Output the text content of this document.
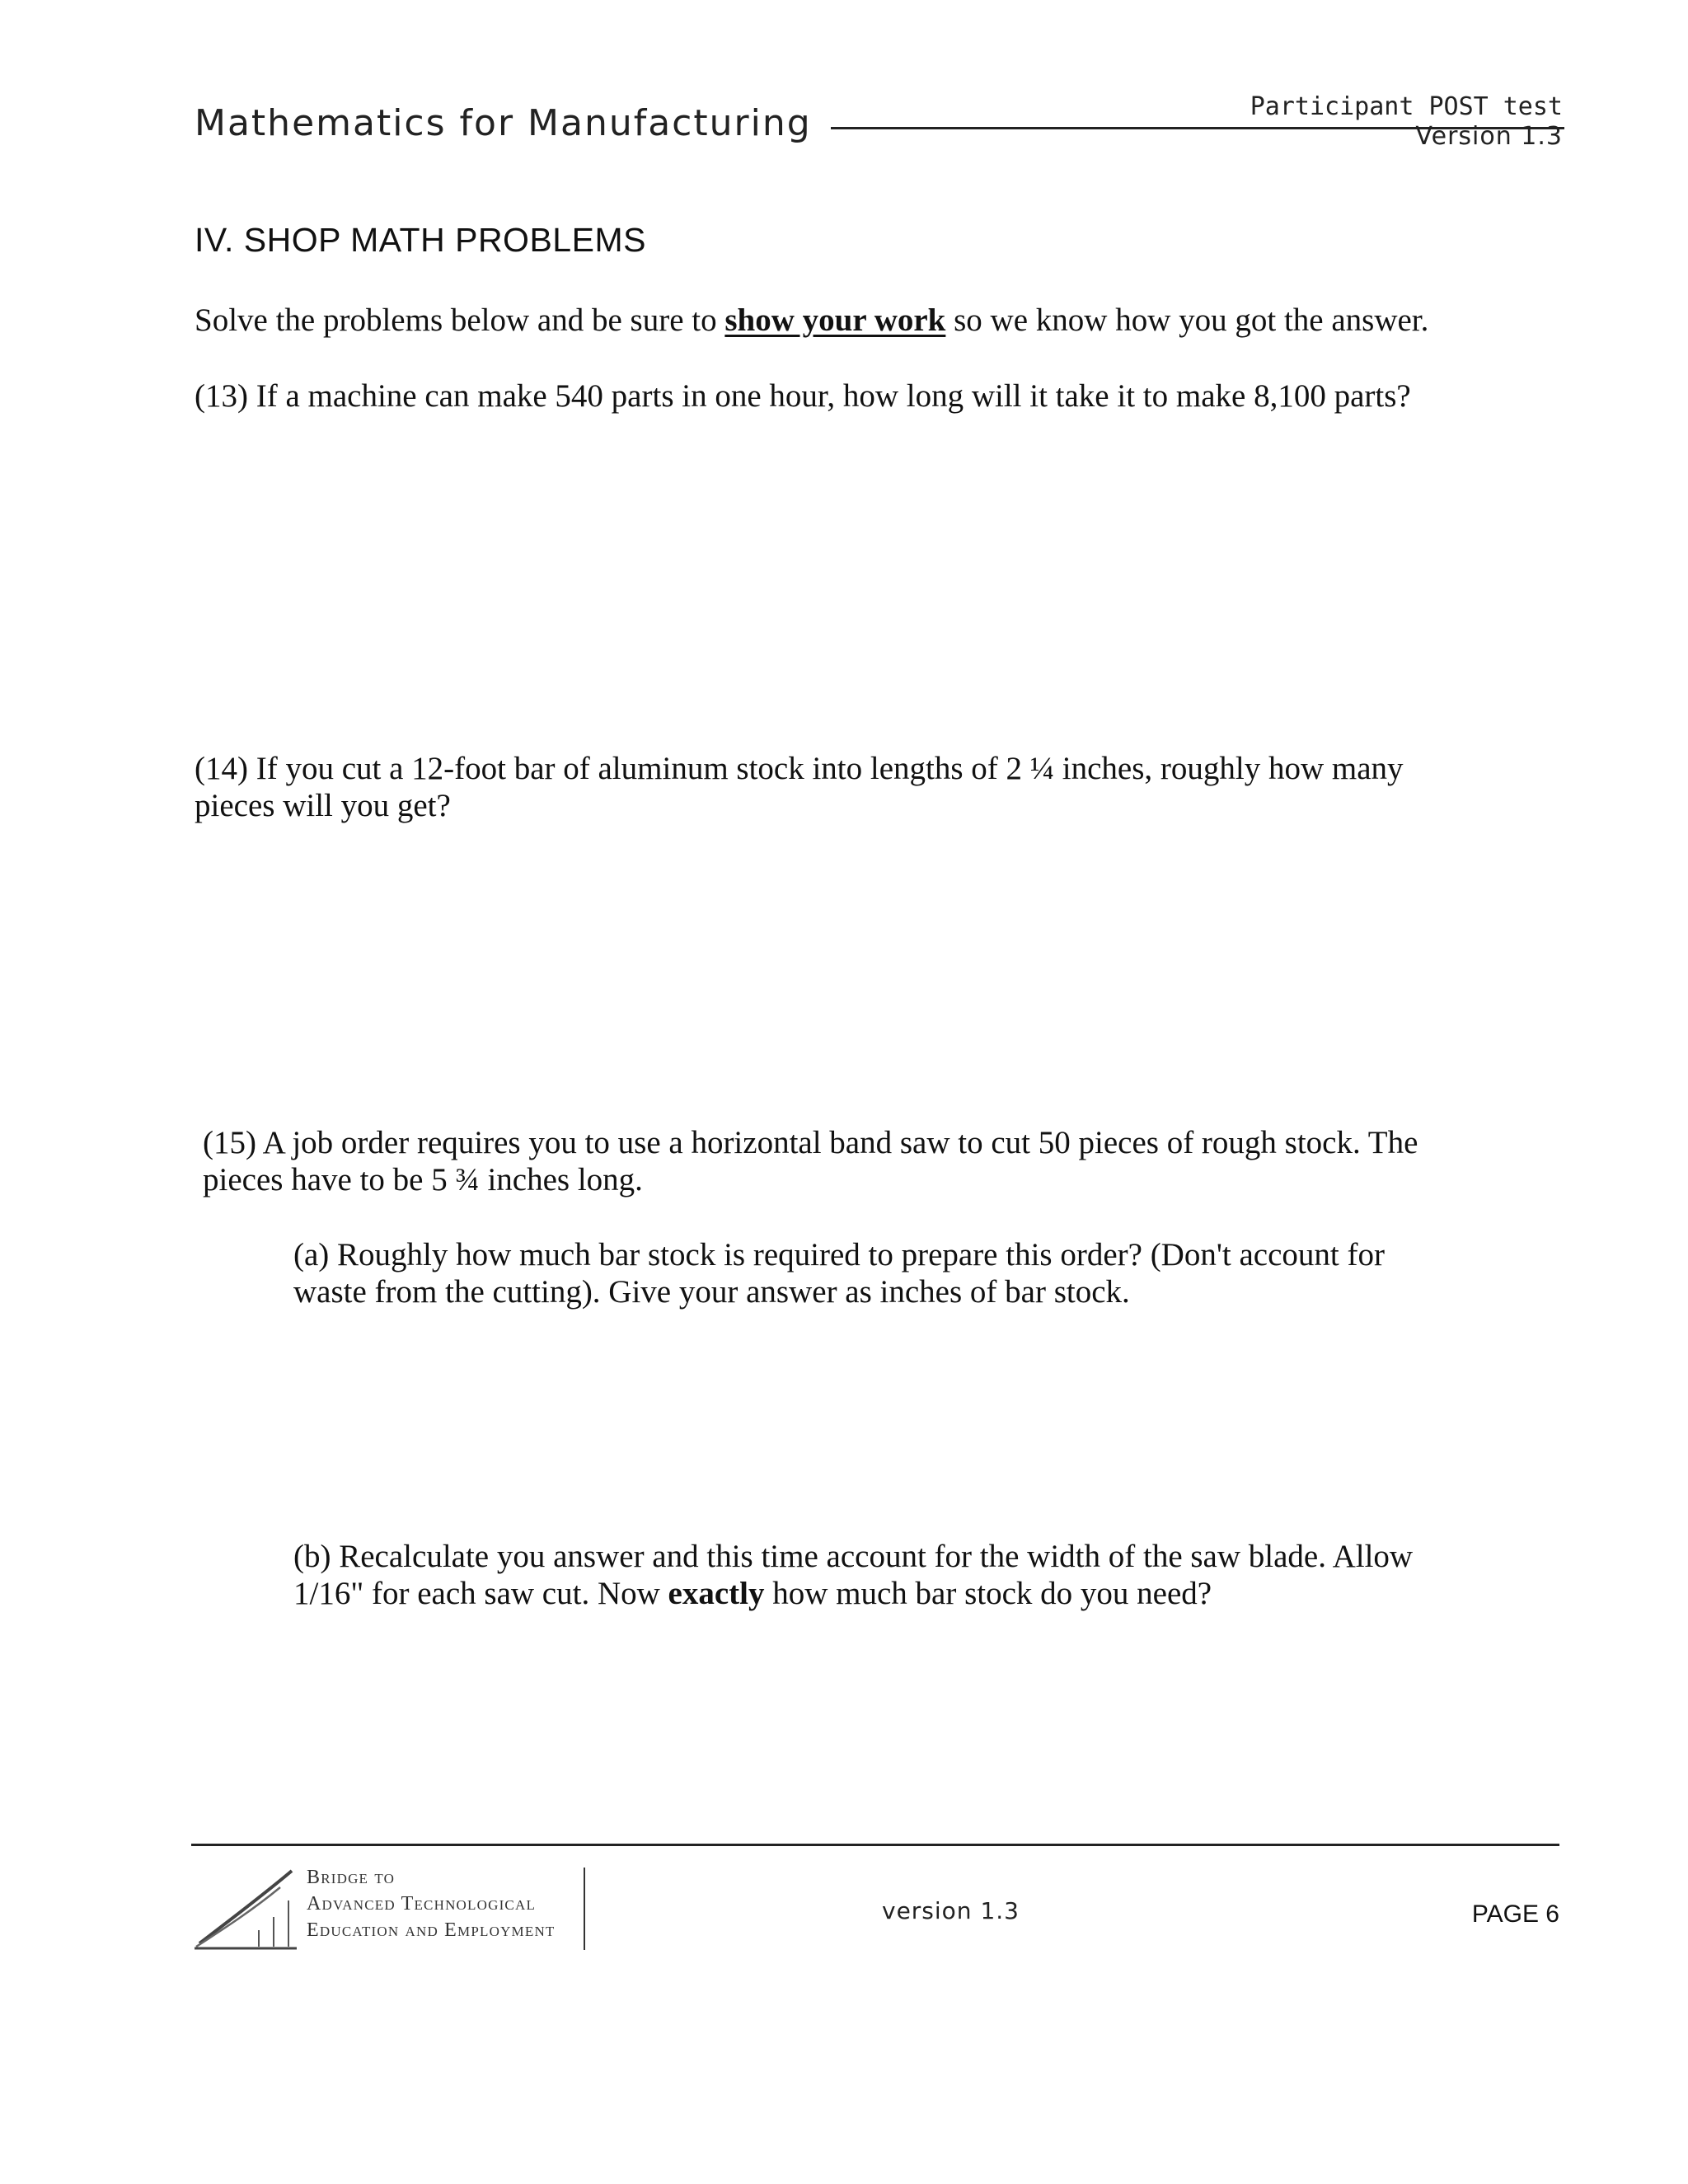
Mathematics for Manufacturing	Participant POST test
Version 1.3
IV. SHOP MATH PROBLEMS
Solve the problems below and be sure to show your work so we know how you got the answer.
(13) If a machine can make 540 parts in one hour, how long will it take it to make 8,100 parts?
(14) If you cut a 12-foot bar of aluminum stock into lengths of 2 ¼ inches, roughly how many pieces will you get?
(15) A job order requires you to use a horizontal band saw to cut 50 pieces of rough stock. The pieces have to be 5 ¾ inches long.
(a) Roughly how much bar stock is required to prepare this order? (Don't account for waste from the cutting). Give your answer as inches of bar stock.
(b) Recalculate you answer and this time account for the width of the saw blade. Allow 1/16" for each saw cut. Now exactly how much bar stock do you need?
Bridge to
Advanced Technological
Education and Employment
version 1.3	PAGE 6
